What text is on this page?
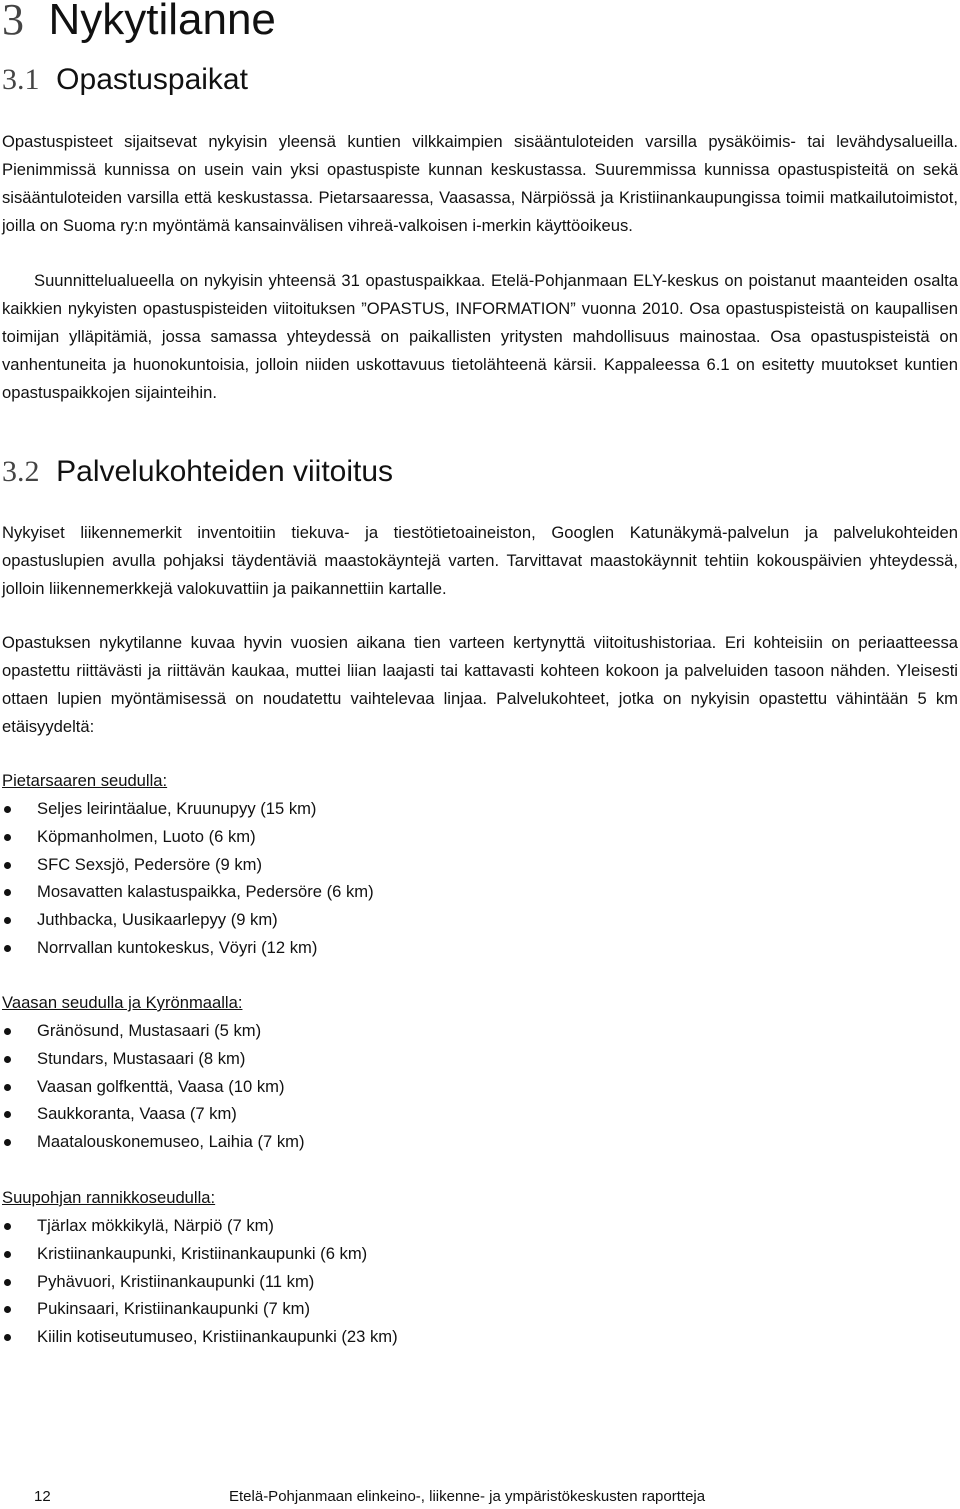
3 Nykytilanne
3.1 Opastuspaikat

Opastuspisteet sijaitsevat nykyisin yleensä kuntien vilkkaimpien sisääntuloteiden varsilla pysäköimis- tai levähdysalueilla. Pienimmissä kunnissa on usein vain yksi opastuspiste kunnan keskustassa. Suuremmissa kunnissa opastuspisteitä on sekä sisääntuloteiden varsilla että keskustassa. Pietarsaaressa, Vaasassa, Närpiössä ja Kristiinankaupungissa toimii matkailutoimistot, joilla on Suoma ry:n myöntämä kansainvälisen vihreä-valkoisen i-merkin käyttöoikeus.

Suunnittelualueella on nykyisin yhteensä 31 opastuspaikkaa. Etelä-Pohjanmaan ELY-keskus on poistanut maanteiden osalta kaikkien nykyisten opastuspisteiden viitoituksen ”OPASTUS, INFORMATION” vuonna 2010. Osa opastuspisteistä on kaupallisen toimijan ylläpitämiä, jossa samassa yhteydessä on paikallisten yritysten mahdollisuus mainostaa. Osa opastuspisteistä on vanhentuneita ja huonokuntoisia, jolloin niiden uskottavuus tietolähteenä kärsii. Kappaleessa 6.1 on esitetty muutokset kuntien opastuspaikkojen sijainteihin.

3.2 Palvelukohteiden viitoitus

Nykyiset liikennemerkit inventoitiin tiekuva- ja tiestötietoaineiston, Googlen Katunäkymä-palvelun ja palvelukohteiden opastuslupien avulla pohjaksi täydentäviä maastokäyntejä varten. Tarvittavat maastokäynnit tehtiin kokouspäivien yhteydessä, jolloin liikennemerkkejä valokuvattiin ja paikannettiin kartalle.

Opastuksen nykytilanne kuvaa hyvin vuosien aikana tien varteen kertynyttä viitoitushistoriaa. Eri kohteisiin on periaatteessa opastettu riittävästi ja riittävän kaukaa, muttei liian laajasti tai kattavasti kohteen kokoon ja palveluiden tasoon nähden. Yleisesti ottaen lupien myöntämisessä on noudatettu vaihtelevaa linjaa. Palvelukohteet, jotka on nykyisin opastettu vähintään 5 km etäisyydeltä:

Pietarsaaren seudulla:
Seljes leirintäalue, Kruunupyy (15 km)
Köpmanholmen, Luoto (6 km)
SFC Sexsjö, Pedersöre (9 km)
Mosavatten kalastuspaikka, Pedersöre (6 km)
Juthbacka, Uusikaarlepyy (9 km)
Norrvallan kuntokeskus, Vöyri (12 km)
Vaasan seudulla ja Kyrönmaalla:
Gränösund, Mustasaari (5 km)
Stundars, Mustasaari (8 km)
Vaasan golfkenttä, Vaasa (10 km)
Saukkoranta, Vaasa (7 km)
Maatalouskonemuseo, Laihia (7 km)
Suupohjan rannikkoseudulla:
Tjärlax mökkikylä, Närpiö (7 km)
Kristiinankaupunki, Kristiinankaupunki (6 km)
Pyhävuori, Kristiinankaupunki (11 km)
Pukinsaari, Kristiinankaupunki (7 km)
Kiilin kotiseutumuseo, Kristiinankaupunki (23 km)
12	Etelä-Pohjanmaan elinkeino-, liikenne- ja ympäristökeskusten raportteja
